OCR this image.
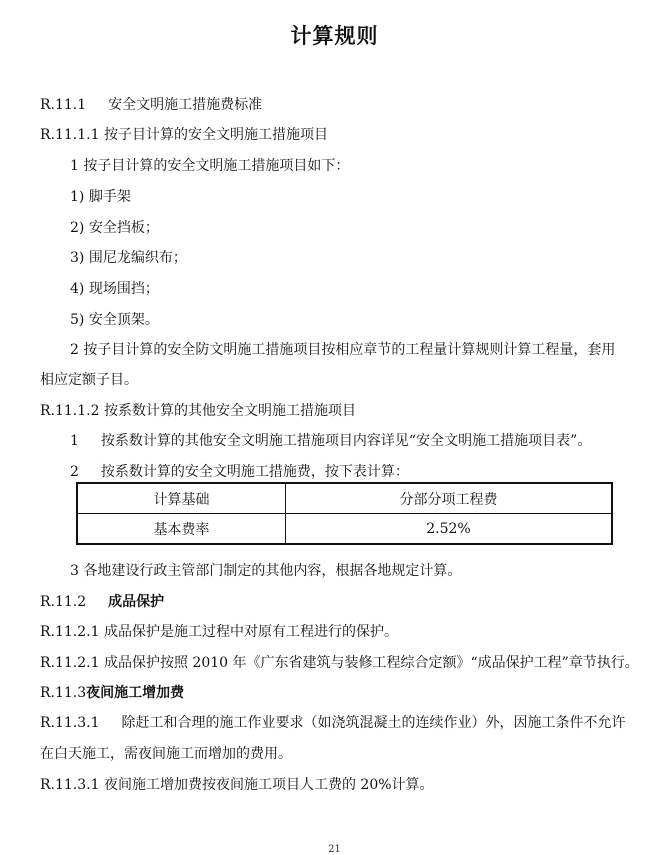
计算规则
R.11.1 安全文明施工措施费标准
R.11.1.1 按子目计算的安全文明施工措施项目
1 按子目计算的安全文明施工措施项目如下：
1) 脚手架
2) 安全挡板；
3) 围尼龙编织布；
4) 现场围挡；
5) 安全顶架。
2 按子目计算的安全防文明施工措施项目按相应章节的工程量计算规则计算工程量，套用
相应定额子目。
R.11.1.2 按系数计算的其他安全文明施工措施项目
1 按系数计算的其他安全文明施工措施项目内容详见“安全文明施工措施项目表”。
2 按系数计算的安全文明施工措施费，按下表计算：
计算基础	分部分项工程费
基本费率	2.52%
3 各地建设行政主管部门制定的其他内容，根据各地规定计算。
R.11.2 成品保护
R.11.2.1 成品保护是施工过程中对原有工程进行的保护。
R.11.2.1 成品保护按照 2010 年《广东省建筑与装修工程综合定额》“成品保护工程”章节执行。
R.11.3夜间施工增加费
R.11.3.1 除赶工和合理的施工作业要求（如浇筑混凝土的连续作业）外，因施工条件不允许
在白天施工，需夜间施工而增加的费用。
R.11.3.1 夜间施工增加费按夜间施工项目人工费的 20%计算。
21
